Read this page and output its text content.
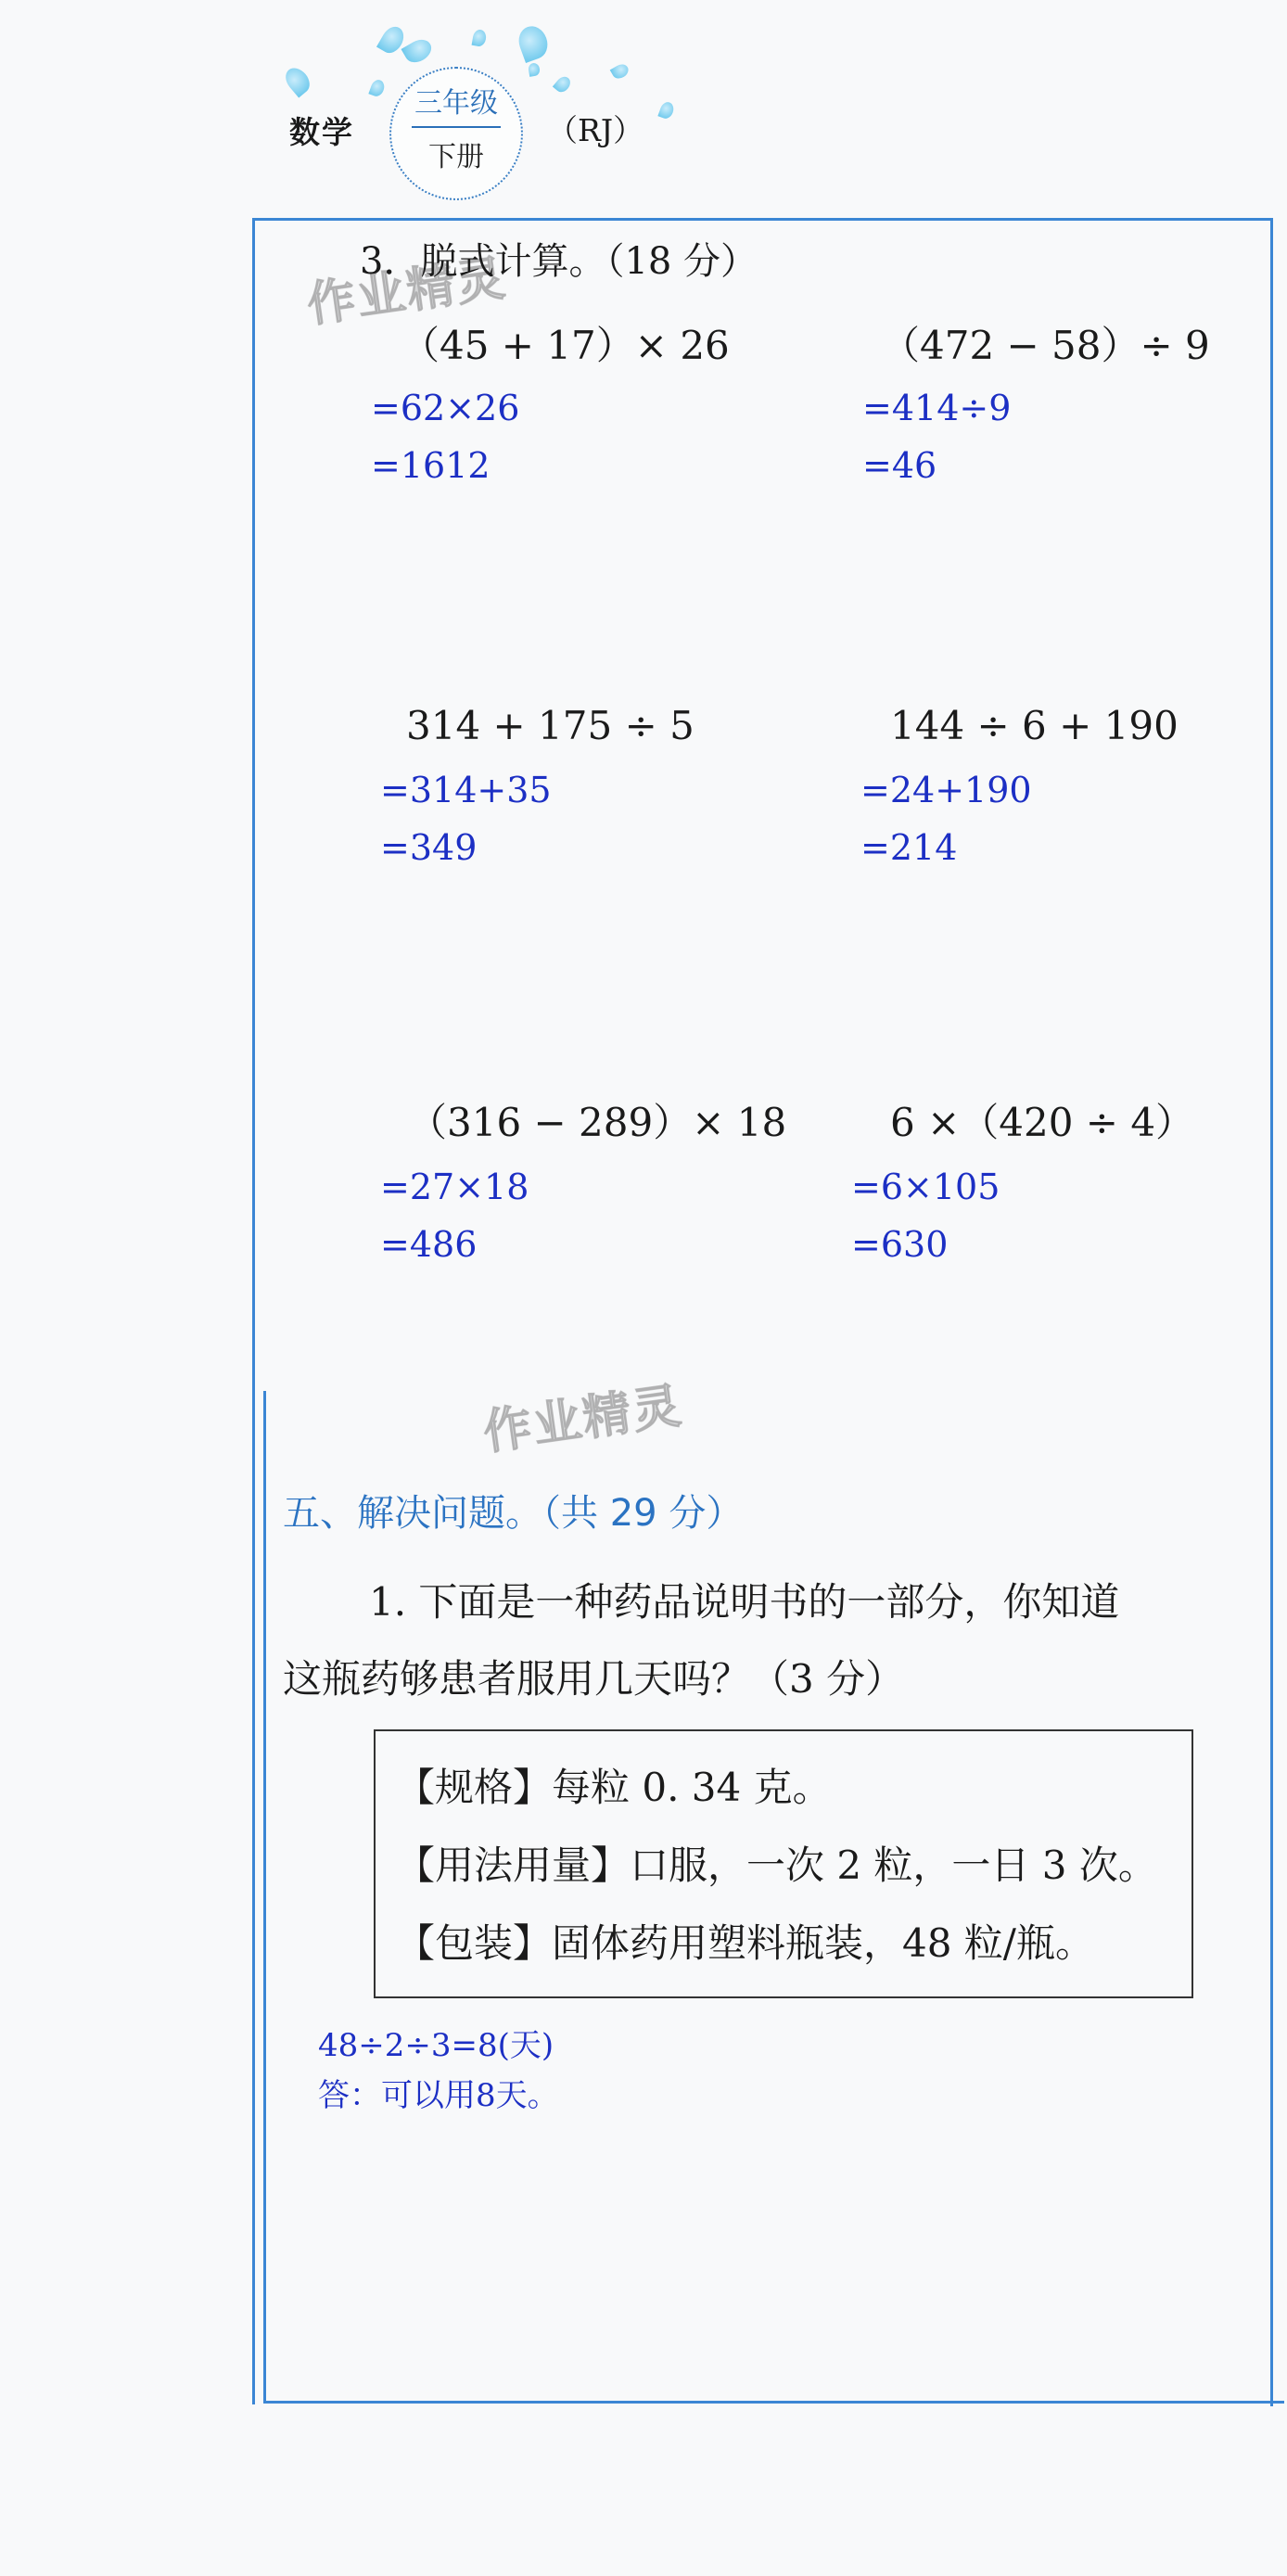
数学
三年级
下册
（RJ）
作业精灵
作业精灵
3．脱式计算。（18 分）
（45 + 17）× 26
=62×26
=1612
（472 − 58）÷ 9
=414÷9
=46
314 + 175 ÷ 5
=314+35
=349
144 ÷ 6 + 190
=24+190
=214
（316 − 289）× 18
=27×18
=486
6 ×（420 ÷ 4）
=6×105
=630
五、解决问题。（共 29 分）
1. 下面是一种药品说明书的一部分，你知道
这瓶药够患者服用几天吗？（3 分）
【规格】每粒 0. 34 克。
【用法用量】口服，一次 2 粒，一日 3 次。
【包装】固体药用塑料瓶装，48 粒/瓶。
48÷2÷3=8(天)
答：可以用8天。
